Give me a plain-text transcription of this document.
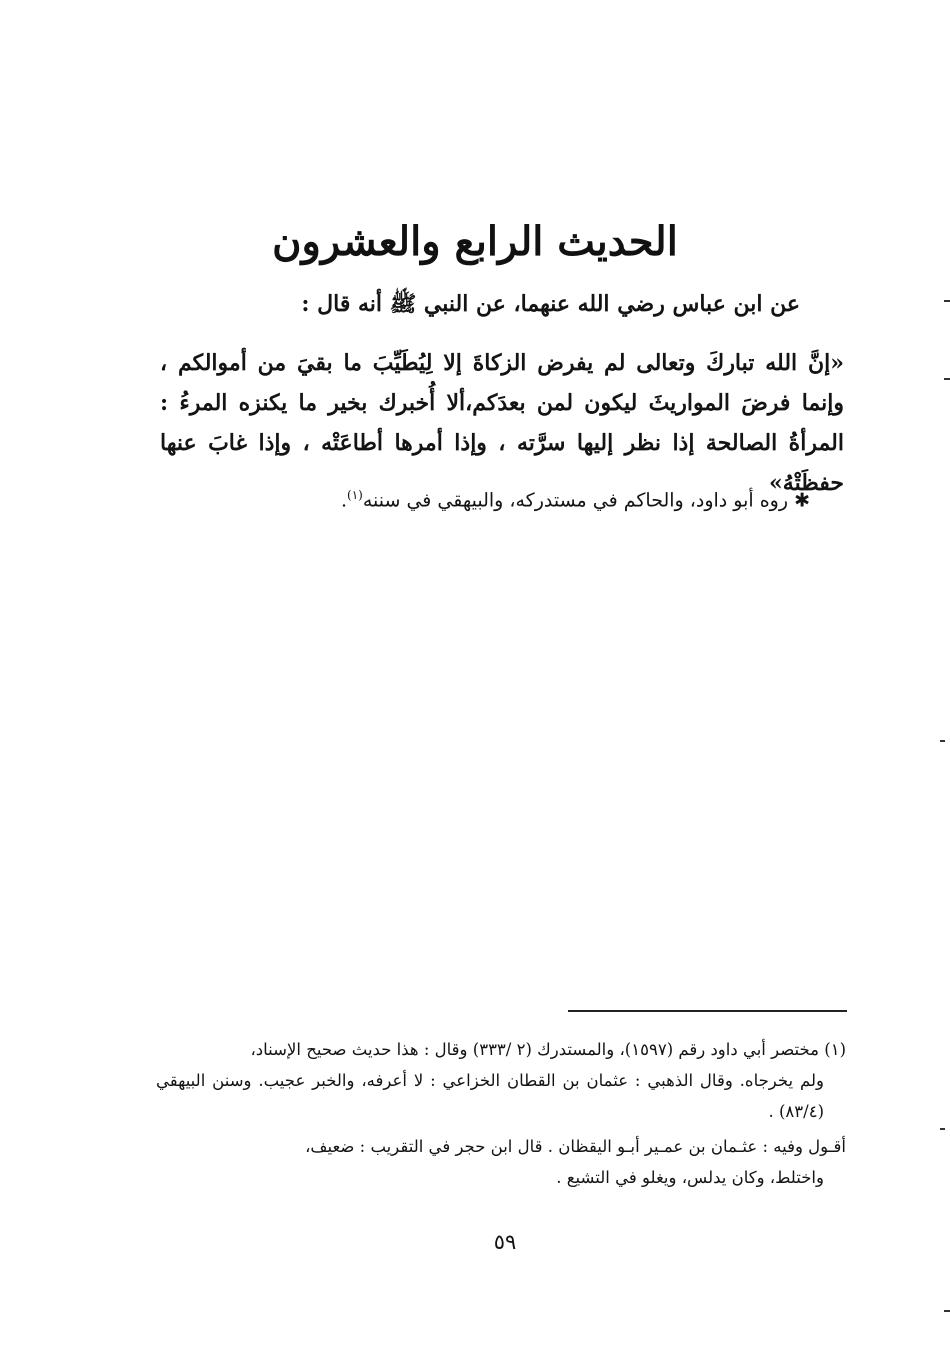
الحديث الرابع والعشرون

عن ابن عباس رضي الله عنهما، عن النبي ﷺ أنه قال :

«إنَّ الله تباركَ وتعالى لم يفرض الزكاةَ إلا لِيُطَيِّبَ ما بقيَ من أموالكم ، وإنما فرضَ المواريثَ ليكون لمن بعدَكم،ألا أُخبرك بخير ما يكنزه المرءُ : المرأةُ الصالحة إذا نظر إليها سرَّته ، وإذا أمرها أطاعَتْه ، وإذا غابَ عنها حفظَتْهُ»

✱ روه أبو داود، والحاكم في مستدركه، والبيهقي في سننه$^{(١)}$.

(١) مختصر أبي داود رقم (١٥٩٧)، والمستدرك (٢ /٣٣٣) وقال : هذا حديث صحيح الإسناد،
ولم يخرجاه. وقال الذهبي : عثمان بن القطان الخزاعي : لا أعرفه، والخبر عجيب. وسنن البيهقي (٨٣/٤) .

أقـول وفيه : عثـمان بن عمـير أبـو اليقظان . قال ابن حجر في التقريب : ضعيف،
واختلط، وكان يدلس، ويغلو في التشيع .

٥٩
